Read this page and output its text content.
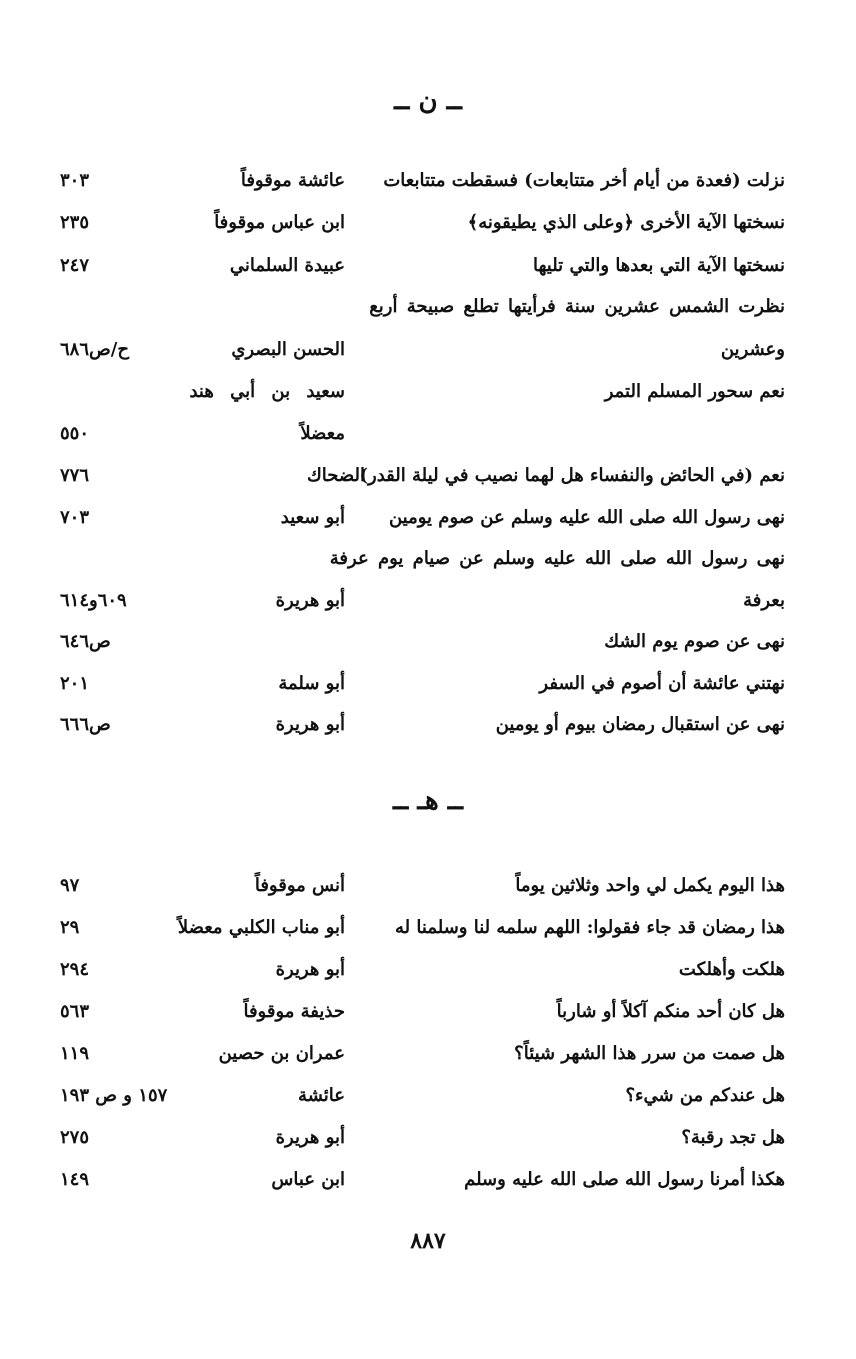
ــ ن ــ
نزلت (فعدة من أيام أخر متتابعات) فسقطت متتابعات
عائشة موقوفاً
٣٠٣
نسختها الآية الأخرى ﴿وعلى الذي يطيقونه﴾
ابن عباس موقوفاً
٢٣٥
نسختها الآية التي بعدها والتي تليها
عبيدة السلماني
٢٤٧
نظرت الشمس عشرين سنة فرأيتها تطلع صبيحة أربع
وعشرين
الحسن البصري
ح/ص٦٨٦
نعم سحور المسلم التمر
سعيد بن أبي هند
معضلاً
٥٥٠
نعم (في الحائض والنفساء هل لهما نصيب في ليلة القدر)
الضحاك
٧٧٦
نهى رسول الله صلى الله عليه وسلم عن صوم يومين
أبو سعيد
٧٠٣
نهى رسول الله صلى الله عليه وسلم عن صيام يوم عرفة
بعرفة
أبو هريرة
٦٠٩و٦١٤
نهى عن صوم يوم الشك
ص٦٤٦
نهتني عائشة أن أصوم في السفر
أبو سلمة
٢٠١
نهى عن استقبال رمضان بيوم أو يومين
أبو هريرة
ص٦٦٦
ــ هـ ــ
هذا اليوم يكمل لي واحد وثلاثين يوماً
أنس موقوفاً
٩٧
هذا رمضان قد جاء فقولوا: اللهم سلمه لنا وسلمنا له
أبو مناب الكلبي معضلاً
٢٩
هلكت وأهلكت
أبو هريرة
٢٩٤
هل كان أحد منكم آكلاً أو شارباً
حذيفة موقوفاً
٥٦٣
هل صمت من سرر هذا الشهر شيئاً؟
عمران بن حصين
١١٩
هل عندكم من شيء؟
عائشة
١٥٧ و ص ١٩٣
هل تجد رقبة؟
أبو هريرة
٢٧٥
هكذا أمرنا رسول الله صلى الله عليه وسلم
ابن عباس
١٤٩
٨٨٧
